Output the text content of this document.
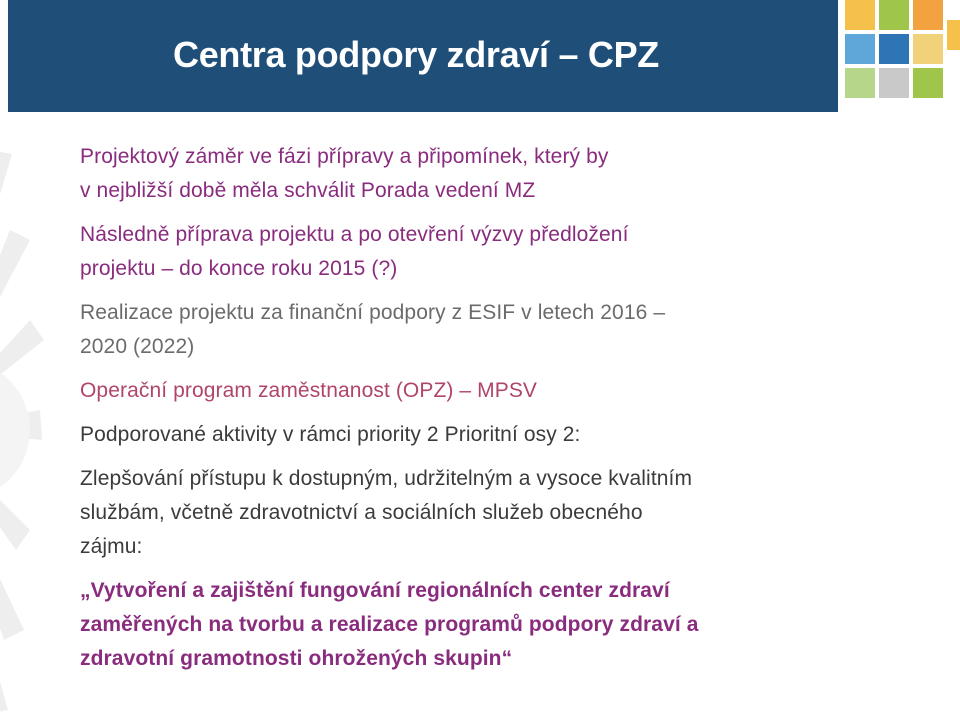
Centra podpory zdraví – CPZ

Projektový záměr ve fázi přípravy a připomínek, který by

v nejbližší době měla schválit Porada vedení MZ

Následně příprava projektu a po otevření výzvy předložení

projektu – do konce roku 2015 (?)

Realizace projektu za finanční podpory z ESIF v letech 2016 –

2020 (2022)

Operační program zaměstnanost (OPZ) – MPSV

Podporované aktivity v rámci priority 2 Prioritní osy 2:

Zlepšování přístupu k dostupným, udržitelným a vysoce kvalitním

službám, včetně zdravotnictví a sociálních služeb obecného

zájmu:

„Vytvoření a zajištění fungování regionálních center zdraví

zaměřených na tvorbu a realizace programů podpory zdraví a

zdravotní gramotnosti ohrožených skupin“
